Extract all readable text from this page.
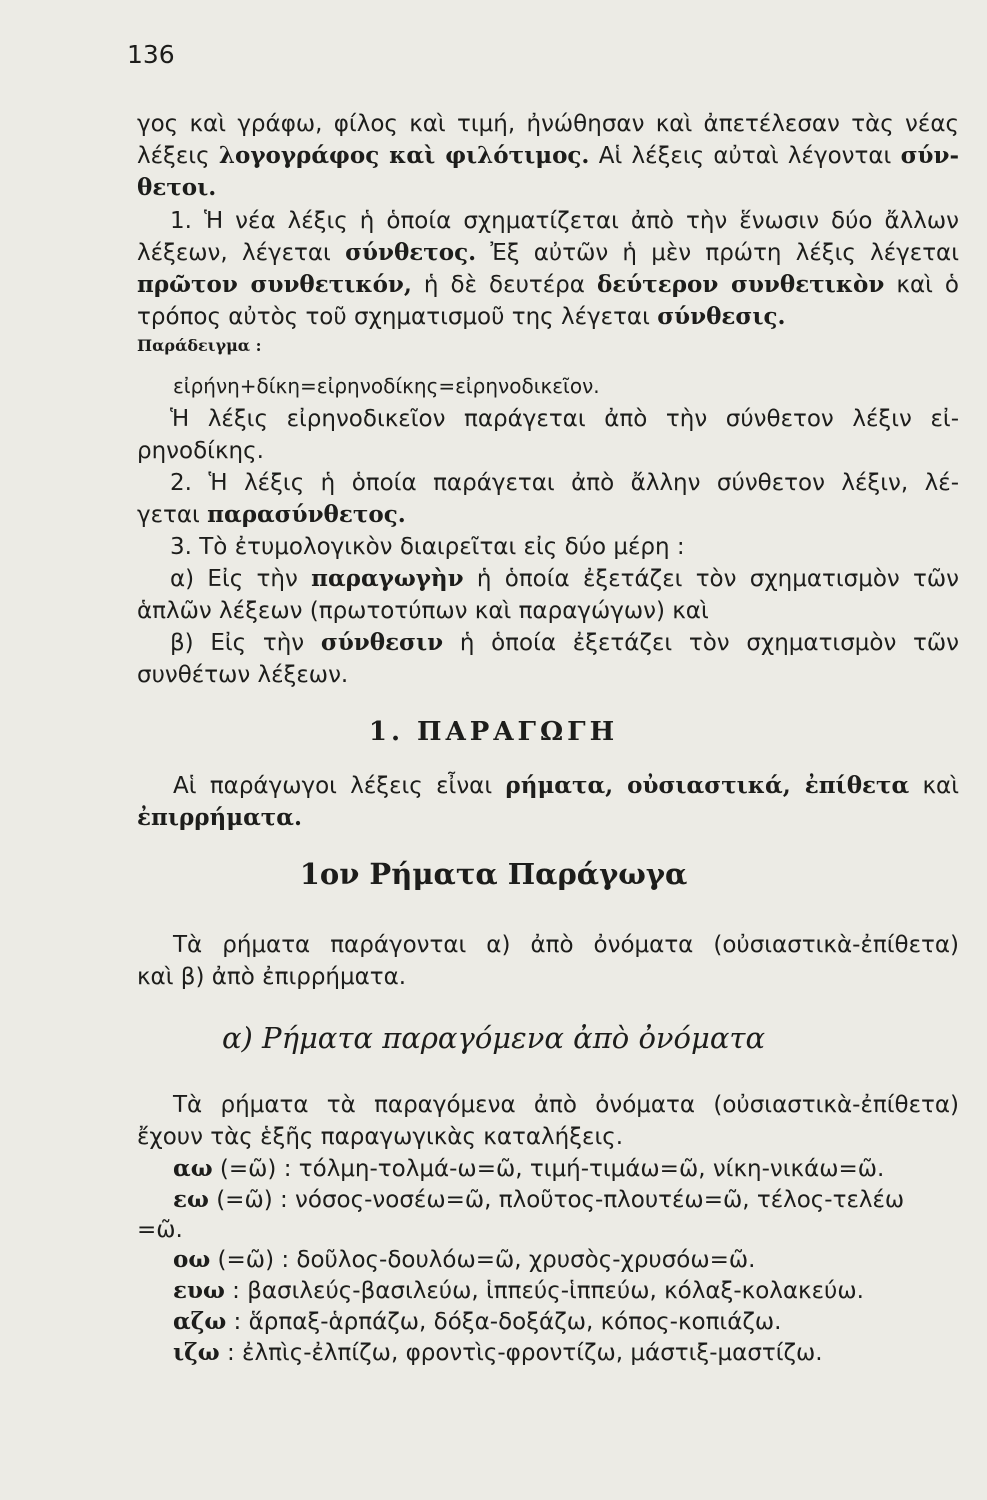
136
γος καὶ γράφω, φίλος καὶ τιμή, ἠνώθησαν καὶ ἀπετέλεσαν τὰς νέας
λέξεις λογογράφος καὶ φιλότιμος. Αἱ λέξεις αὐταὶ λέγονται σύν-
θετοι.
1. Ἡ νέα λέξις ἡ ὁποία σχηματίζεται ἀπὸ τὴν ἕνωσιν δύο ἄλλων
λέξεων, λέγεται σύνθετος. Ἐξ αὐτῶν ἡ μὲν πρώτη λέξις λέγεται
πρῶτον συνθετικόν, ἡ δὲ δευτέρα δεύτερον συνθετικὸν καὶ ὁ
τρόπος αὐτὸς τοῦ σχηματισμοῦ της λέγεται σύνθεσις.
Παράδειγμα :
εἰρήνη+δίκη=εἰρηνοδίκης=εἰρηνοδικεῖον.
Ἡ λέξις εἰρηνοδικεῖον παράγεται ἀπὸ τὴν σύνθετον λέξιν εἰ-
ρηνοδίκης.
2. Ἡ λέξις ἡ ὁποία παράγεται ἀπὸ ἄλλην σύνθετον λέξιν, λέ-
γεται παρασύνθετος.
3. Τὸ ἐτυμολογικὸν διαιρεῖται εἰς δύο μέρη :
α) Εἰς τὴν παραγωγὴν ἡ ὁποία ἐξετάζει τὸν σχηματισμὸν τῶν
ἁπλῶν λέξεων (πρωτοτύπων καὶ παραγώγων) καὶ
β) Εἰς τὴν σύνθεσιν ἡ ὁποία ἐξετάζει τὸν σχηματισμὸν τῶν
συνθέτων λέξεων.
1. ΠΑΡΑΓΩΓΗ
Αἱ παράγωγοι λέξεις εἶναι ρήματα, οὐσιαστικά, ἐπίθετα καὶ
ἐπιρρήματα.
1ον Ρήματα Παράγωγα
Τὰ ρήματα παράγονται α) ἀπὸ ὀνόματα (οὐσιαστικὰ-ἐπίθετα)
καὶ β) ἀπὸ ἐπιρρήματα.
α) Ρήματα παραγόμενα ἀπὸ ὀνόματα
Τὰ ρήματα τὰ παραγόμενα ἀπὸ ὀνόματα (οὐσιαστικὰ-ἐπίθετα)
ἔχουν τὰς ἑξῆς παραγωγικὰς καταλήξεις.
αω (=ῶ) : τόλμη-τολμά-ω=ῶ, τιμή-τιμάω=ῶ, νίκη-νικάω=ῶ.
εω (=ῶ) : νόσος-νοσέω=ῶ, πλοῦτος-πλουτέω=ῶ, τέλος-τελέω
=ῶ.
οω (=ῶ) : δοῦλος-δουλόω=ῶ, χρυσὸς-χρυσόω=ῶ.
ευω : βασιλεύς-βασιλεύω, ἱππεύς-ἱππεύω, κόλαξ-κολακεύω.
αζω : ἅρπαξ-ἁρπάζω, δόξα-δοξάζω, κόπος-κοπιάζω.
ιζω : ἐλπὶς-ἐλπίζω, φροντὶς-φροντίζω, μάστιξ-μαστίζω.
